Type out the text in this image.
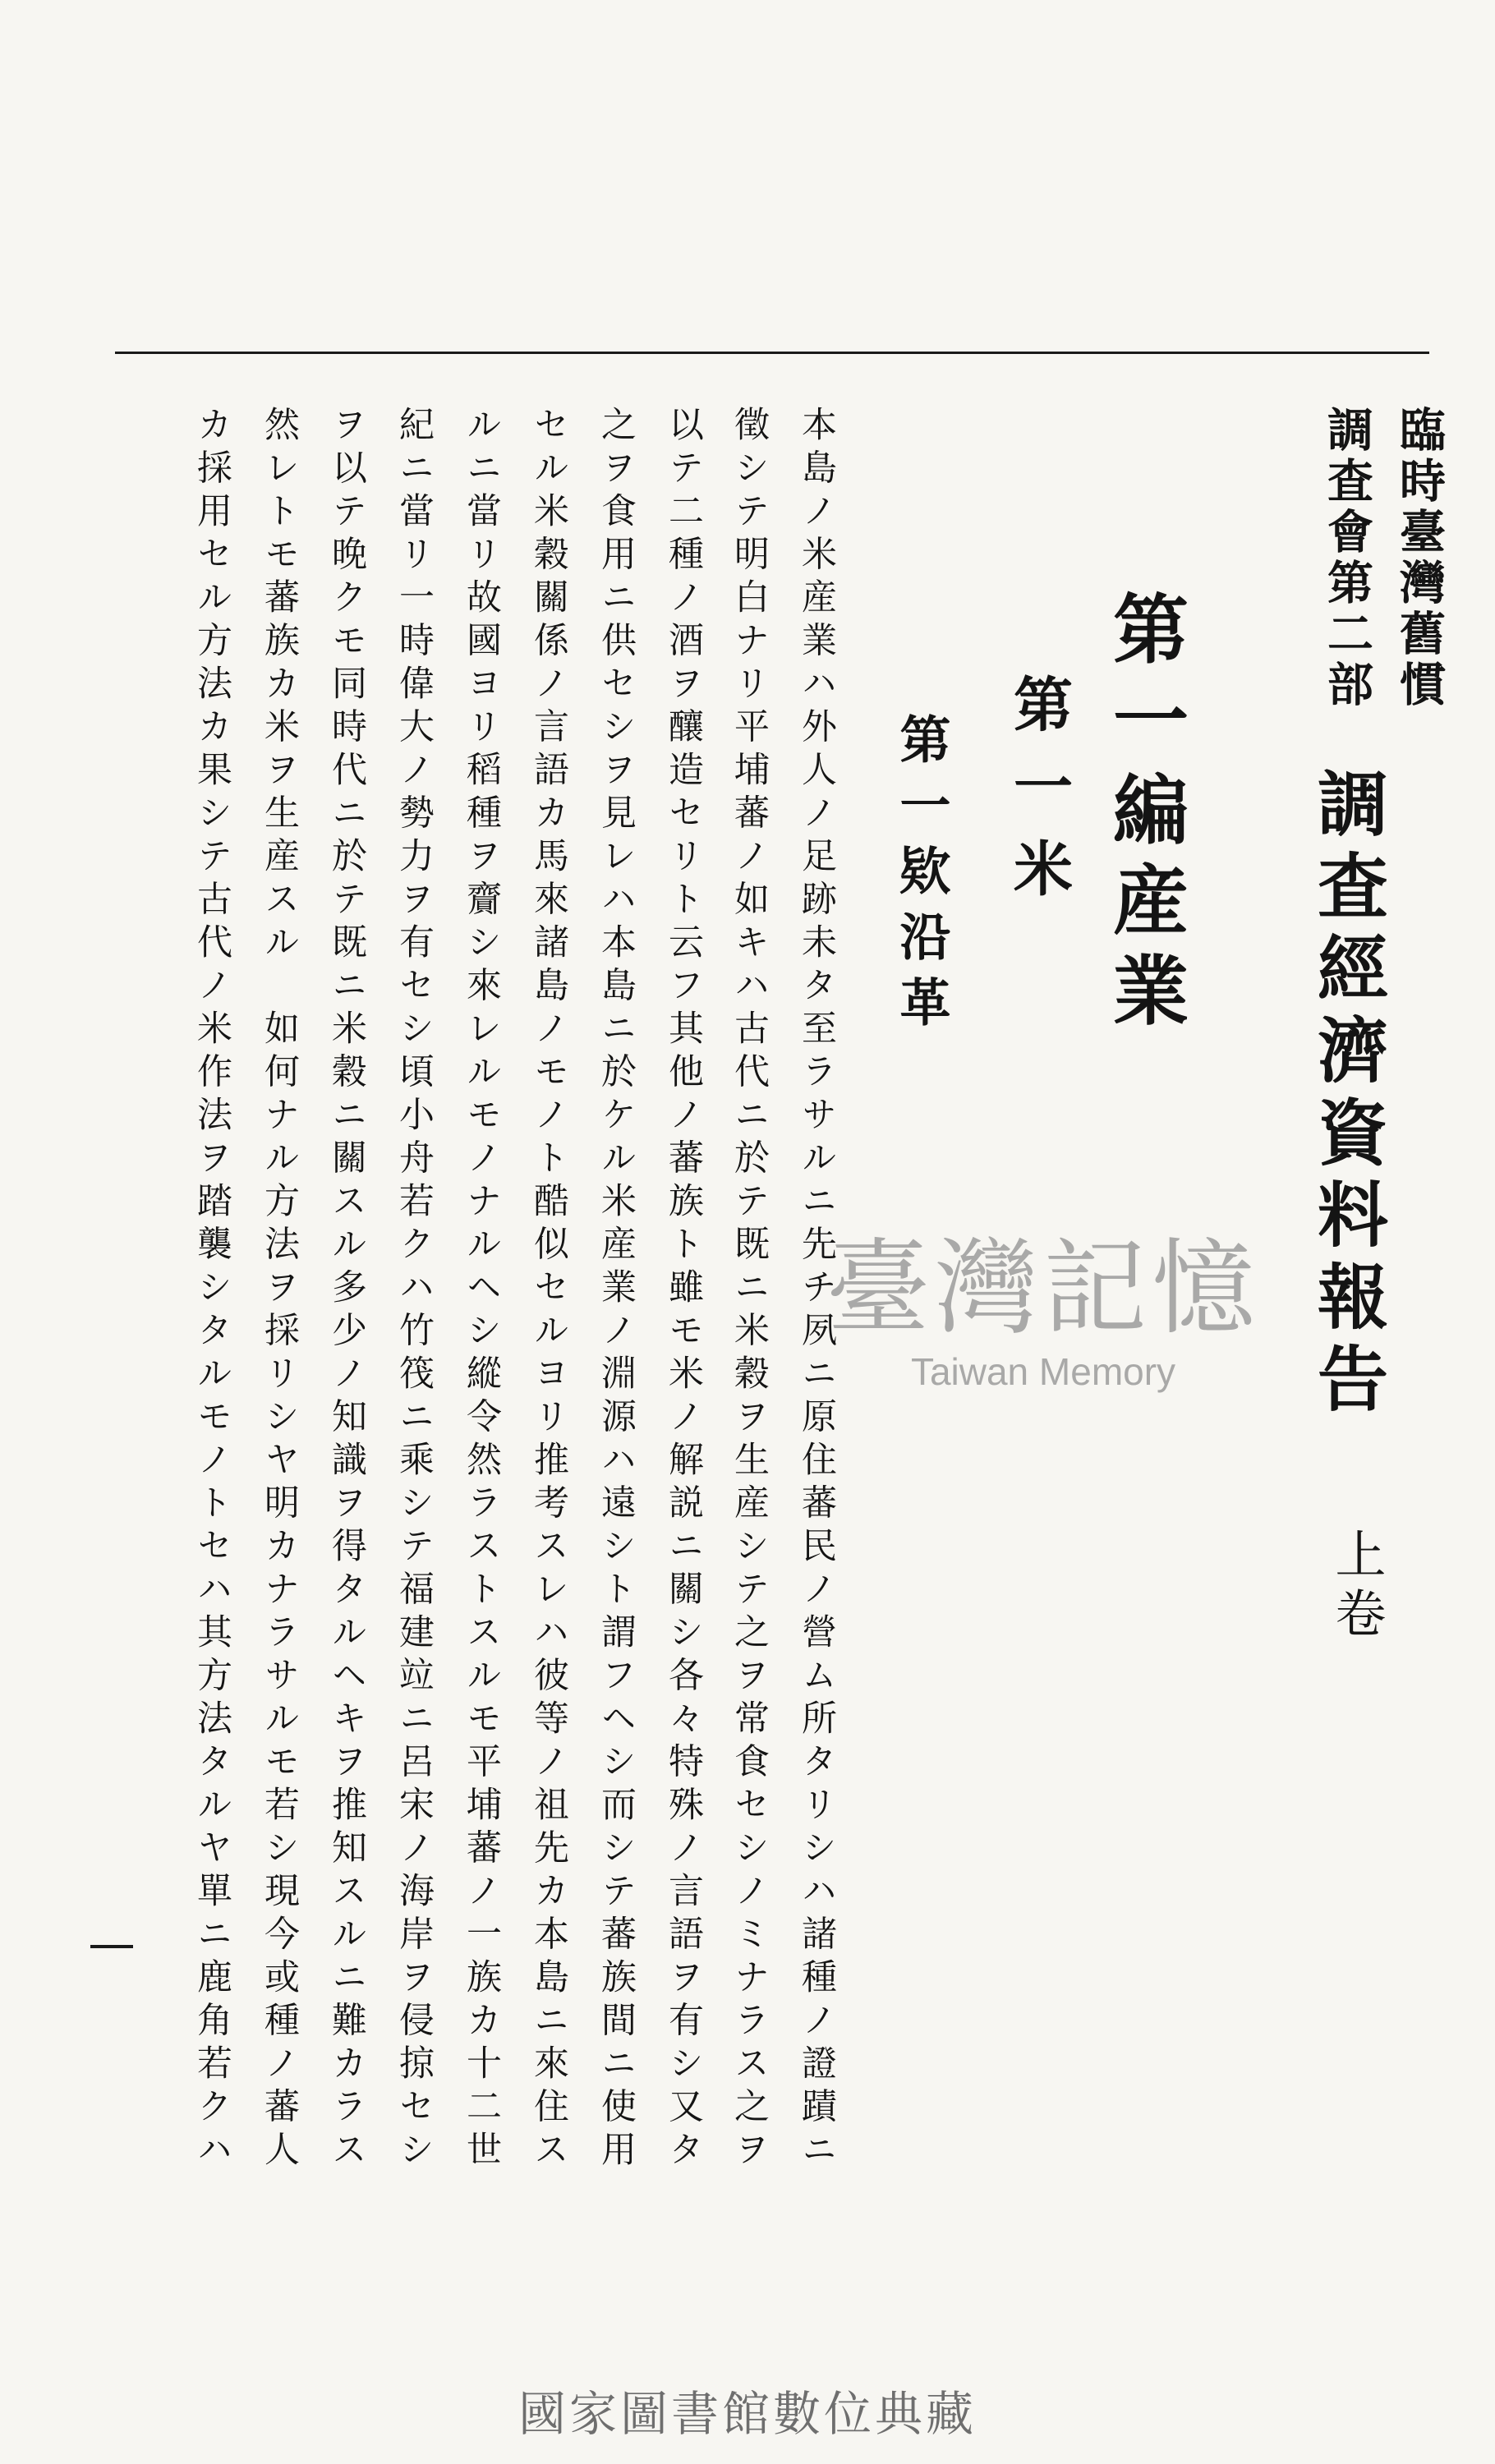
臨時臺灣舊慣
調査會第二部
調査經濟資料報告
上卷
第一編産業
第一米
第一欵沿革
臺灣記憶
Taiwan Memory
本島ノ米産業ハ外人ノ足跡未タ至ラサルニ先チ夙ニ原住蕃民ノ營ム所タリシハ諸種ノ證蹟ニ
徵シテ明白ナリ平埔蕃ノ如キハ古代ニ於テ既ニ米穀ヲ生産シテ之ヲ常食セシノミナラス之ヲ
以テ二種ノ酒ヲ釀造セリト云フ其他ノ蕃族ト雖モ米ノ解説ニ關シ各々特殊ノ言語ヲ有シ又タ
之ヲ食用ニ供セシヲ見レハ本島ニ於ケル米産業ノ淵源ハ遠シト謂フヘシ而シテ蕃族間ニ使用
セル米穀關係ノ言語カ馬來諸島ノモノト酷似セルヨリ推考スレハ彼等ノ祖先カ本島ニ來住ス
ルニ當リ故國ヨリ稻種ヲ齎シ來レルモノナルヘシ縱令然ラストスルモ平埔蕃ノ一族カ十二世
紀ニ當リ一時偉大ノ勢力ヲ有セシ頃小舟若クハ竹筏ニ乘シテ福建竝ニ呂宋ノ海岸ヲ侵掠セシ
ヲ以テ晚クモ同時代ニ於テ既ニ米穀ニ關スル多少ノ知識ヲ得タルヘキヲ推知スルニ難カラス
然レトモ蕃族カ米ヲ生産スル　如何ナル方法ヲ採リシヤ明カナラサルモ若シ現今或種ノ蕃人
カ採用セル方法カ果シテ古代ノ米作法ヲ踏襲シタルモノトセハ其方法タルヤ單ニ鹿角若クハ
國家圖書館數位典藏
